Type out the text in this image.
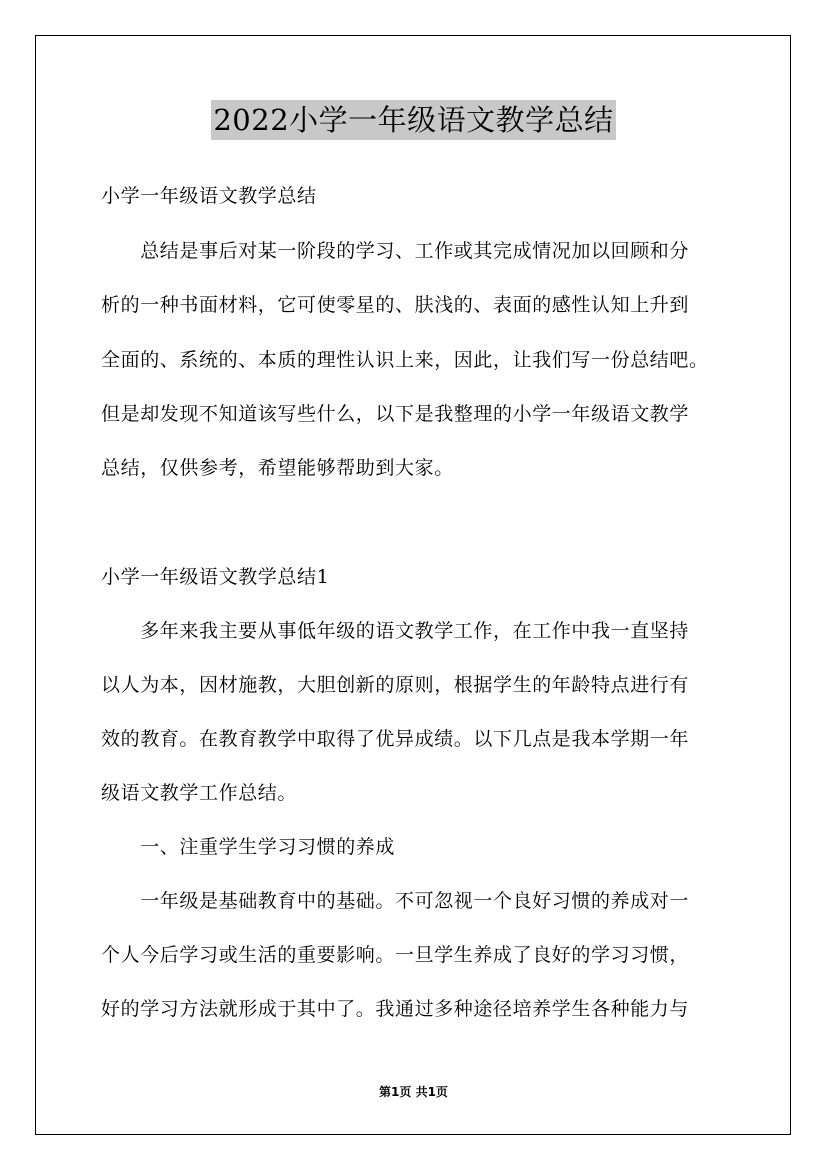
2022小学一年级语文教学总结
小学一年级语文教学总结
　　总结是事后对某一阶段的学习、工作或其完成情况加以回顾和分
析的一种书面材料，它可使零星的、肤浅的、表面的感性认知上升到
全面的、系统的、本质的理性认识上来，因此，让我们写一份总结吧。
但是却发现不知道该写些什么，以下是我整理的小学一年级语文教学
总结，仅供参考，希望能够帮助到大家。
小学一年级语文教学总结1
　　多年来我主要从事低年级的语文教学工作，在工作中我一直坚持
以人为本，因材施教，大胆创新的原则，根据学生的年龄特点进行有
效的教育。在教育教学中取得了优异成绩。以下几点是我本学期一年
级语文教学工作总结。
　　一、注重学生学习习惯的养成
　　一年级是基础教育中的基础。不可忽视一个良好习惯的养成对一
个人今后学习或生活的重要影响。一旦学生养成了良好的学习习惯，
好的学习方法就形成于其中了。我通过多种途径培养学生各种能力与
第1页 共1页
